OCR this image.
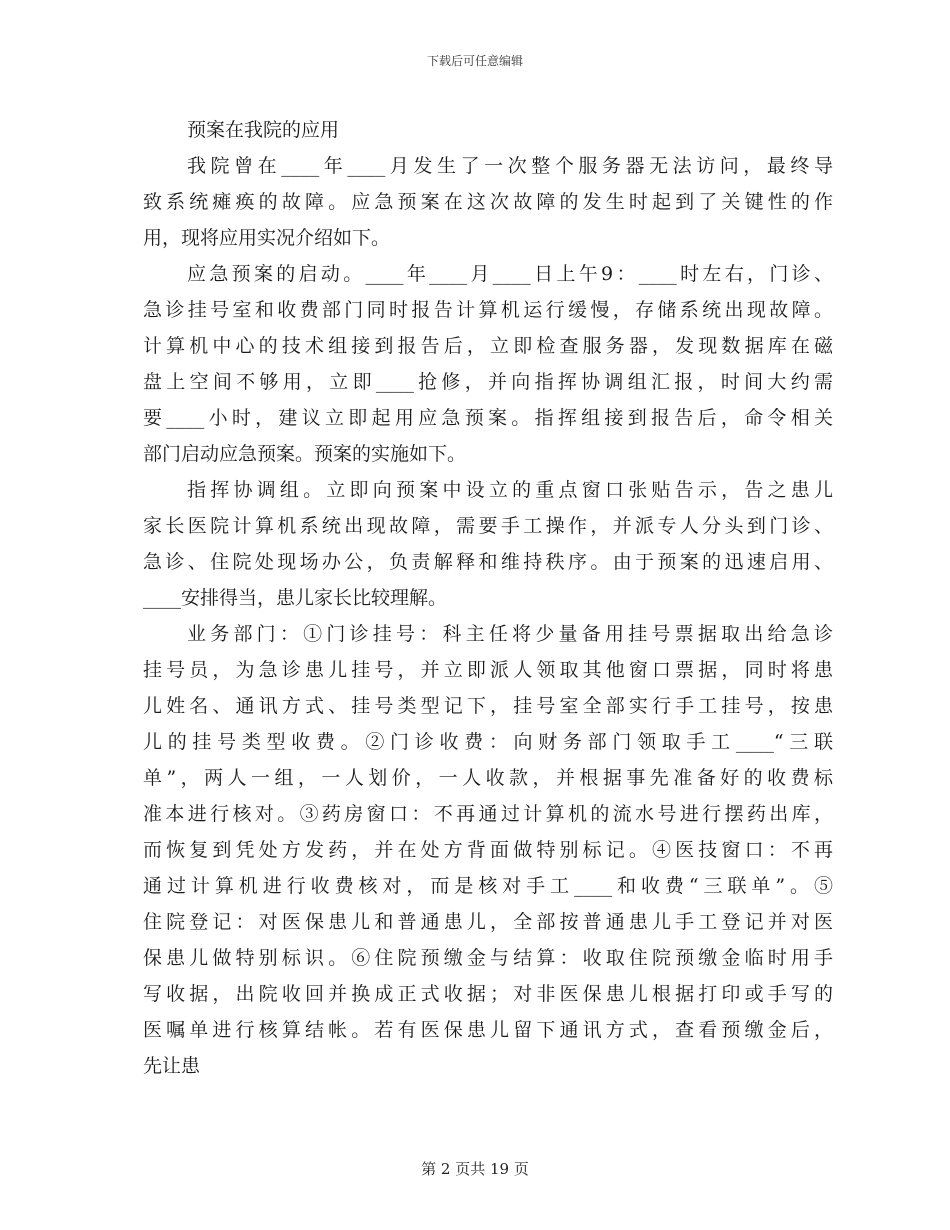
下载后可任意编辑
预案在我院的应用
我院曾在____年____月发生了一次整个服务器无法访问，最终导
致系统瘫痪的故障。应急预案在这次故障的发生时起到了关键性的作
用，现将应用实况介绍如下。
应急预案的启动。____年____月____日上午9：____时左右，门诊、
急诊挂号室和收费部门同时报告计算机运行缓慢，存储系统出现故障。
计算机中心的技术组接到报告后，立即检查服务器，发现数据库在磁
盘上空间不够用，立即____抢修，并向指挥协调组汇报，时间大约需
要____小时，建议立即起用应急预案。指挥组接到报告后，命令相关
部门启动应急预案。预案的实施如下。
指挥协调组。立即向预案中设立的重点窗口张贴告示，告之患儿
家长医院计算机系统出现故障，需要手工操作，并派专人分头到门诊、
急诊、住院处现场办公，负责解释和维持秩序。由于预案的迅速启用、
____安排得当，患儿家长比较理解。
业务部门：①门诊挂号：科主任将少量备用挂号票据取出给急诊
挂号员，为急诊患儿挂号，并立即派人领取其他窗口票据，同时将患
儿姓名、通讯方式、挂号类型记下，挂号室全部实行手工挂号，按患
儿的挂号类型收费。②门诊收费：向财务部门领取手工____“三联
单”，两人一组，一人划价，一人收款，并根据事先准备好的收费标
准本进行核对。③药房窗口：不再通过计算机的流水号进行摆药出库，
而恢复到凭处方发药，并在处方背面做特别标记。④医技窗口：不再
通过计算机进行收费核对，而是核对手工____和收费“三联单”。⑤
住院登记：对医保患儿和普通患儿，全部按普通患儿手工登记并对医
保患儿做特别标识。⑥住院预缴金与结算：收取住院预缴金临时用手
写收据，出院收回并换成正式收据；对非医保患儿根据打印或手写的
医嘱单进行核算结帐。若有医保患儿留下通讯方式，查看预缴金后，
先让患
第 2 页共 19 页
